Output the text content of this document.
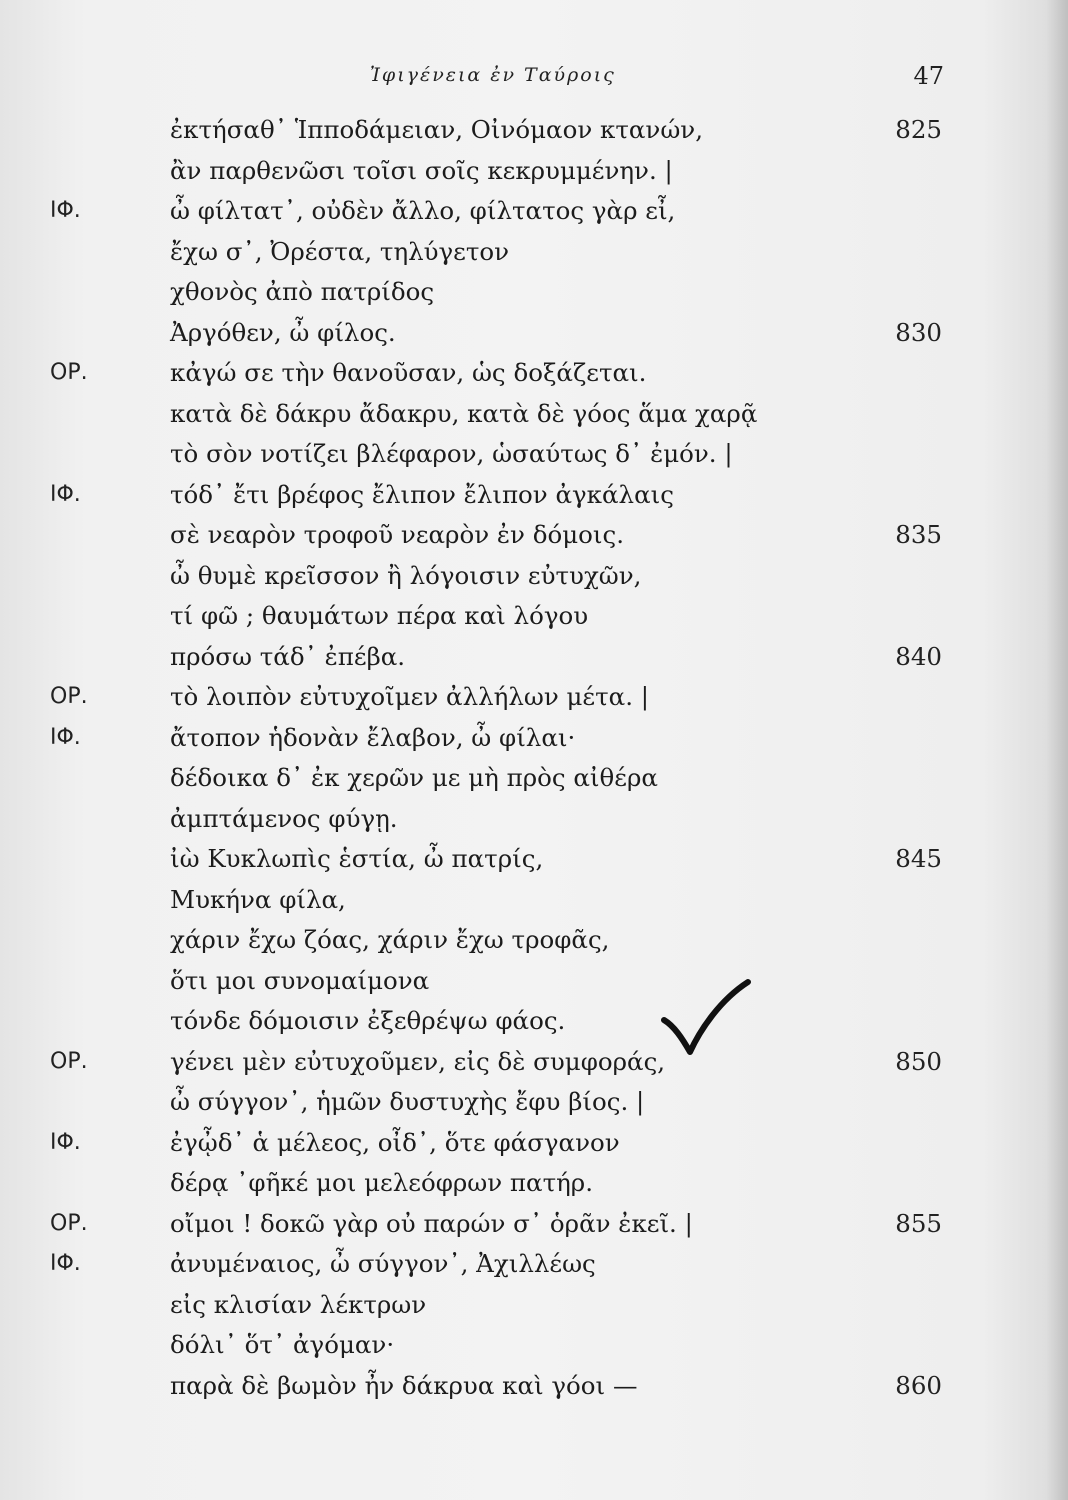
Ἰφιγένεια ἐν Ταύροις	47
ἐκτήσαθ᾽ Ἱπποδάμειαν, Οἰνόμαον κτανών,	825
ἂν παρθενῶσι τοῖσι σοῖς κεκρυμμένην. |
ΙΦ.	ὦ φίλτατ᾽, οὐδὲν ἄλλο, φίλτατος γὰρ εἶ,
ἔχω σ᾽, Ὀρέστα, τηλύγετον
χθονὸς ἀπὸ πατρίδος
Ἀργόθεν, ὦ φίλος.	830
ΟΡ.	κἀγώ σε τὴν θανοῦσαν, ὡς δοξάζεται.
κατὰ δὲ δάκρυ ἄδακρυ, κατὰ δὲ γόος ἅμα χαρᾷ
τὸ σὸν νοτίζει βλέφαρον, ὡσαύτως δ᾽ ἐμόν. |
ΙΦ.	τόδ᾽ ἔτι βρέφος ἔλιπον ἔλιπον ἀγκάλαις
σὲ νεαρὸν τροφοῦ νεαρὸν ἐν δόμοις.	835
ὦ θυμὲ κρεῖσσον ἢ λόγοισιν εὐτυχῶν,
τί φῶ ; θαυμάτων πέρα καὶ λόγου
πρόσω τάδ᾽ ἐπέβα.	840
ΟΡ.	τὸ λοιπὸν εὐτυχοῖμεν ἀλλήλων μέτα. |
ΙΦ.	ἄτοπον ἡδονὰν ἔλαβον, ὦ φίλαι·
δέδοικα δ᾽ ἐκ χερῶν με μὴ πρὸς αἰθέρα
ἀμπτάμενος φύγῃ.
ἰὼ Κυκλωπὶς ἑστία, ὦ πατρίς,	845
Μυκήνα φίλα,
χάριν ἔχω ζόας, χάριν ἔχω τροφᾶς,
ὅτι μοι συνομαίμονα
τόνδε δόμοισιν ἐξεθρέψω φάος.
ΟΡ.	γένει μὲν εὐτυχοῦμεν, εἰς δὲ συμφοράς,	850
ὦ σύγγον᾽, ἡμῶν δυστυχὴς ἔφυ βίος. |
ΙΦ.	ἐγᾦδ᾽ ἁ μέλεος, οἶδ᾽, ὅτε φάσγανον
δέρᾳ ᾽φῆκέ μοι μελεόφρων πατήρ.
ΟΡ.	οἴμοι ! δοκῶ γὰρ οὐ παρών σ᾽ ὁρᾶν ἐκεῖ. |	855
ΙΦ.	ἀνυμέναιος, ὦ σύγγον᾽, Ἀχιλλέως
εἰς κλισίαν λέκτρων
δόλι᾽ ὅτ᾽ ἀγόμαν·
παρὰ δὲ βωμὸν ἦν δάκρυα καὶ γόοι —	860
